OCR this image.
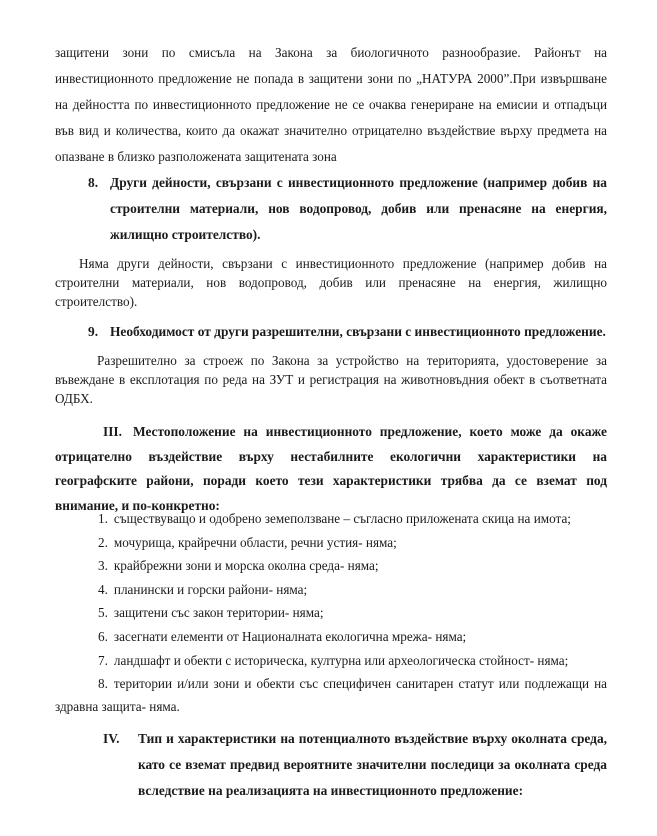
защитени зони по смисъла на Закона за биологичното разнообразие. Районът на инвестиционното предложение не попада в защитени зони по „НАТУРА 2000”.При извършване на дейността по инвестиционното предложение не се очаква генериране на емисии и отпадъци във вид и количества, които да окажат значително отрицателно въздействие върху предмета на опазване в близко разположената защитената зона

8. Други дейности, свързани с инвестиционното предложение (например добив на строителни материали, нов водопровод, добив или пренасяне на енергия, жилищно строителство).

Няма други дейности, свързани с инвестиционното предложение (например добив на строителни материали, нов водопровод, добив или пренасяне на енергия, жилищно строителство).

9. Необходимост от други разрешителни, свързани с инвестиционното предложение.

Разрешително за строеж по Закона за устройство на територията, удостоверение за въвеждане в експлотация по реда на ЗУТ и регистрация на животновъдния обект в съответната ОДБХ.

III. Местоположение на инвестиционното предложение, което може да окаже отрицателно въздействие върху нестабилните екологични характеристики на географските райони, поради което тези характеристики трябва да се вземат под внимание, и по-конкретно:

1. съществуващо и одобрено земеползване – съгласно приложената скица на имота;

2. мочурища, крайречни области, речни устия- няма;

3. крайбрежни зони и морска околна среда- няма;

4. планински и горски райони- няма;

5. защитени със закон територии- няма;

6. засегнати елементи от Националната екологична мрежа- няма;

7. ландшафт и обекти с историческа, културна или археологическа стойност- няма;

8. територии и/или зони и обекти със специфичен санитарен статут или подлежащи на здравна защита- няма.

IV.	Тип и характеристики на потенциалното въздействие върху околната среда, като се вземат предвид вероятните значителни последици за околната среда вследствие на реализацията на инвестиционното предложение:
